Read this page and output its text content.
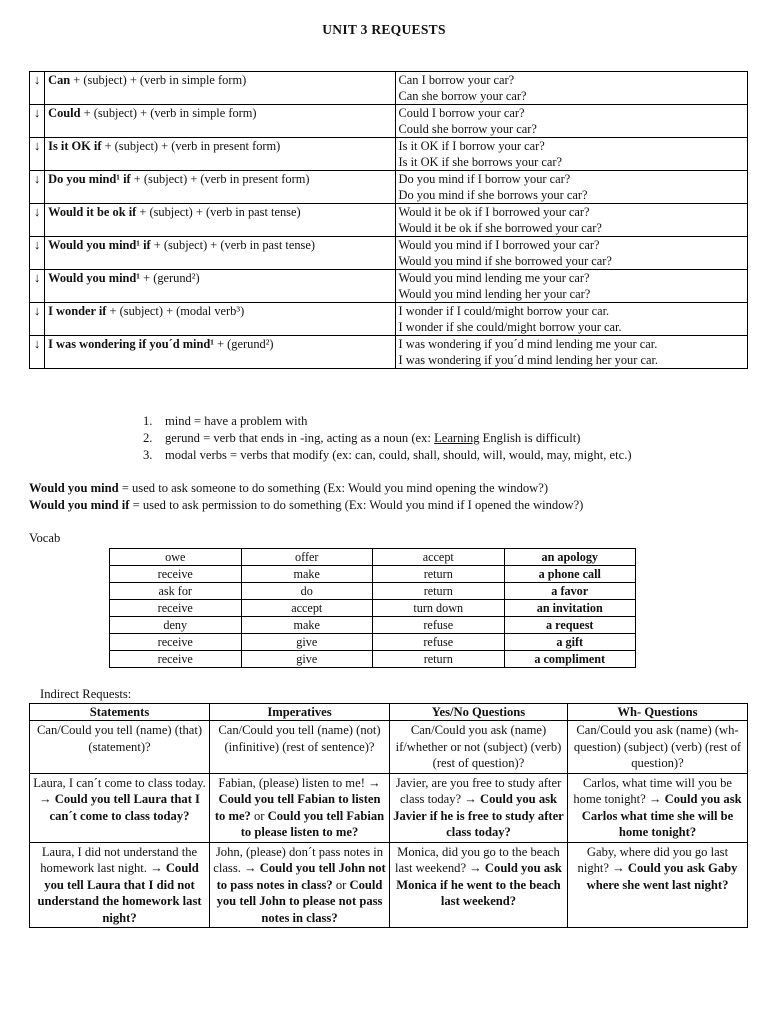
UNIT 3 REQUESTS
↓	Can + (subject) + (verb in simple form)	Can I borrow your car?
Can she borrow your car?

↓	Could + (subject) + (verb in simple form)	Could I borrow your car?
Could she borrow your car?

↓	Is it OK if + (subject) + (verb in present form)	Is it OK if I borrow your car?
Is it OK if she borrows your car?

↓	Do you mind¹ if + (subject) + (verb in present form)	Do you mind if I borrow your car?
Do you mind if she borrows your car?

↓	Would it be ok if + (subject) + (verb in past tense)	Would it be ok if I borrowed your car?
Would it be ok if she borrowed your car?

↓	Would you mind¹ if + (subject) + (verb in past tense)	Would you mind if I borrowed your car?
Would you mind if she borrowed your car?

↓	Would you mind¹ + (gerund²)	Would you mind lending me your car?
Would you mind lending her your car?

↓	I wonder if + (subject) + (modal verb³)	I wonder if I could/might borrow your car.
I wonder if she could/might borrow your car.

↓	I was wondering if you´d mind¹ + (gerund²)	I was wondering if you´d mind lending me your car.
I was wondering if you´d mind lending her your car.
1. mind = have a problem with
2. gerund = verb that ends in -ing, acting as a noun (ex: Learning English is difficult)
3. modal verbs = verbs that modify (ex: can, could, shall, should, will, would, may, might, etc.)
Would you mind = used to ask someone to do something (Ex: Would you mind opening the window?)
Would you mind if = used to ask permission to do something (Ex: Would you mind if I opened the window?)
Vocab
owe	offer	accept	an apology
receive	make	return	a phone call
ask for	do	return	a favor
receive	accept	turn down	an invitation
deny	make	refuse	a request
receive	give	refuse	a gift
receive	give	return	a compliment
Indirect Requests:
Statements	Imperatives	Yes/No Questions	Wh- Questions
Can/Could you tell (name) (that) (statement)?	Can/Could you tell (name) (not) (infinitive) (rest of sentence)?	Can/Could you ask (name) if/whether or not (subject) (verb) (rest of question)?	Can/Could you ask (name) (wh-question) (subject) (verb) (rest of question)?
Laura, I can´t come to class today. → Could you tell Laura that I can´t come to class today?	Fabian, (please) listen to me! → Could you tell Fabian to listen to me? or Could you tell Fabian to please listen to me?	Javier, are you free to study after class today? → Could you ask Javier if he is free to study after class today?	Carlos, what time will you be home tonight? → Could you ask Carlos what time she will be home tonight?
Laura, I did not understand the homework last night. → Could you tell Laura that I did not understand the homework last night?	John, (please) don´t pass notes in class. → Could you tell John not to pass notes in class? or Could you tell John to please not pass notes in class?	Monica, did you go to the beach last weekend? → Could you ask Monica if he went to the beach last weekend?	Gaby, where did you go last night? → Could you ask Gaby where she went last night?
